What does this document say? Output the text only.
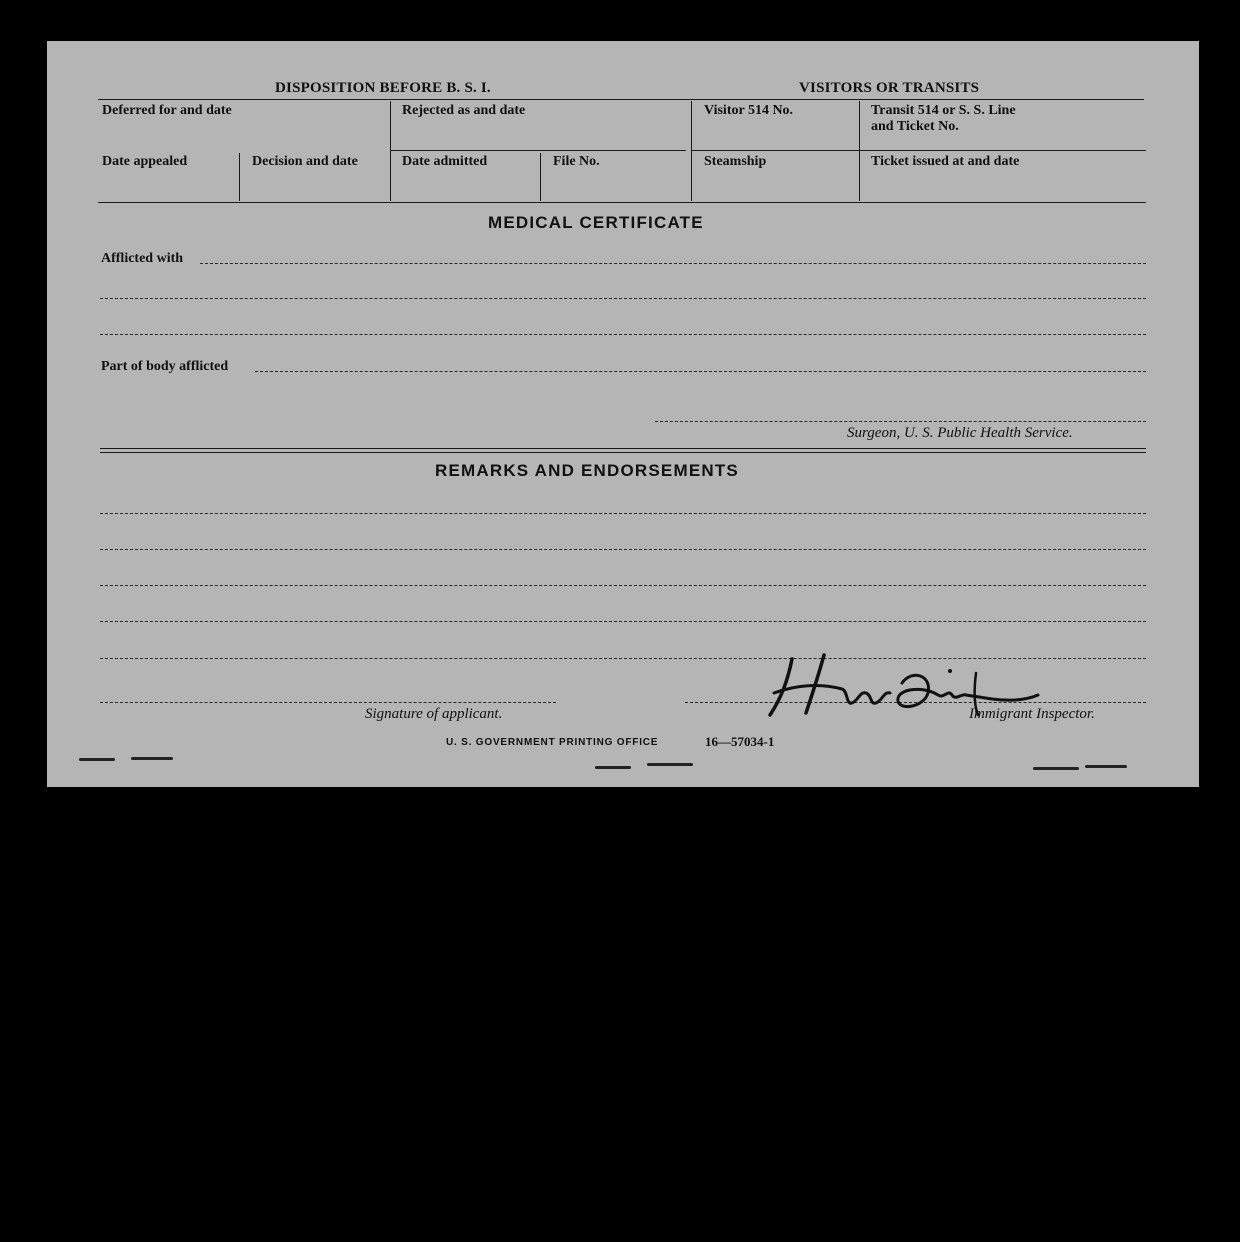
DISPOSITION BEFORE B. S. I.	VISITORS OR TRANSITS
Deferred for and date	Rejected as and date	Visitor 514 No.	Transit 514 or S. S. Line
and Ticket No.
Date appealed	Decision and date	Date admitted	File No.	Steamship	Ticket issued at and date
MEDICAL CERTIFICATE
Afflicted with
Part of body afflicted
Surgeon, U. S. Public Health Service.
REMARKS AND ENDORSEMENTS
Signature of applicant.	Immigrant Inspector.
U. S. GOVERNMENT PRINTING OFFICE	16—57034-1
